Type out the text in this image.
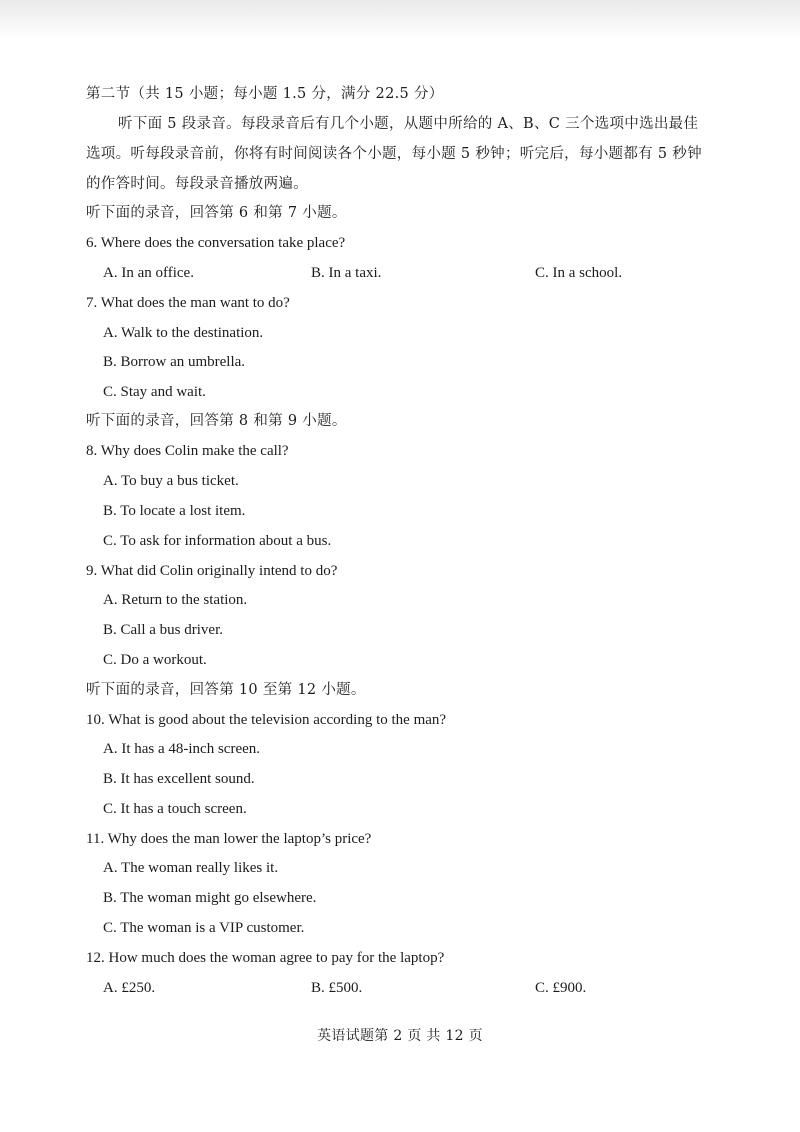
第二节（共 15 小题；每小题 1.5 分，满分 22.5 分）
听下面 5 段录音。每段录音后有几个小题，从题中所给的 A、B、C 三个选项中选出最佳
选项。听每段录音前，你将有时间阅读各个小题，每小题 5 秒钟；听完后，每小题都有 5 秒钟
的作答时间。每段录音播放两遍。
听下面的录音，回答第 6 和第 7 小题。
6. Where does the conversation take place?
A. In an office.	B. In a taxi.	C. In a school.
7. What does the man want to do?
A. Walk to the destination.
B. Borrow an umbrella.
C. Stay and wait.
听下面的录音，回答第 8 和第 9 小题。
8. Why does Colin make the call?
A. To buy a bus ticket.
B. To locate a lost item.
C. To ask for information about a bus.
9. What did Colin originally intend to do?
A. Return to the station.
B. Call a bus driver.
C. Do a workout.
听下面的录音，回答第 10 至第 12 小题。
10. What is good about the television according to the man?
A. It has a 48-inch screen.
B. It has excellent sound.
C. It has a touch screen.
11. Why does the man lower the laptop’s price?
A. The woman really likes it.
B. The woman might go elsewhere.
C. The woman is a VIP customer.
12. How much does the woman agree to pay for the laptop?
A. £250.	B. £500.	C. £900.
英语试题第 2 页 共 12 页
